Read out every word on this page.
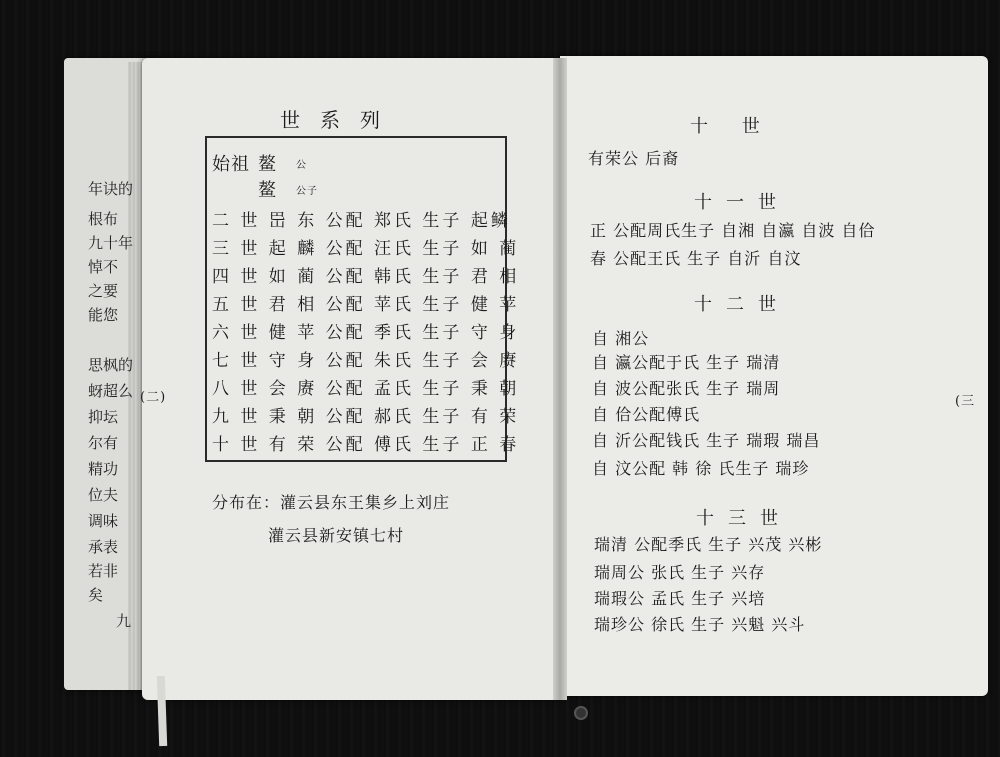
年诀的
根布
九十年
悼不
之要
能您
思枫的
蚜超么
抑坛
尔有
精功
位夫
调味
承表
若非
矣
九
(二)
世系列
始祖 鳌 公
鳌 公子
二 世 岊 东 公配 郑氏 生子 起鳞
三 世 起 麟 公配 汪氏 生子 如 蔺
四 世 如 蔺 公配 韩氏 生子 君 相
五 世 君 相 公配 苹氏 生子 健 苹
六 世 健 苹 公配 季氏 生子 守 身
七 世 守 身 公配 朱氏 生子 会 赓
八 世 会 赓 公配 孟氏 生子 秉 朝
九 世 秉 朝 公配 郝氏 生子 有 荣
十 世 有 荣 公配 傅氏 生子 正 春
分布在：灌云县东王集乡上刘庄
灌云县新安镇七村
十 世
有荣公 后裔
十一世
正 公配周氏生子 自湘 自瀛 自波 自佮
春 公配王氏 生子 自沂 自汶
十二世
自 湘公
自 瀛公配于氏 生子 瑞清
自 波公配张氏 生子 瑞周
自 佮公配傅氏
自 沂公配钱氏 生子 瑞瑕 瑞昌
自 汶公配 韩 徐 氏生子 瑞珍
十三世
瑞清 公配季氏 生子 兴茂 兴彬
瑞周公 张氏 生子 兴存
瑞瑕公 孟氏 生子 兴培
瑞珍公 徐氏 生子 兴魁 兴斗
(三
